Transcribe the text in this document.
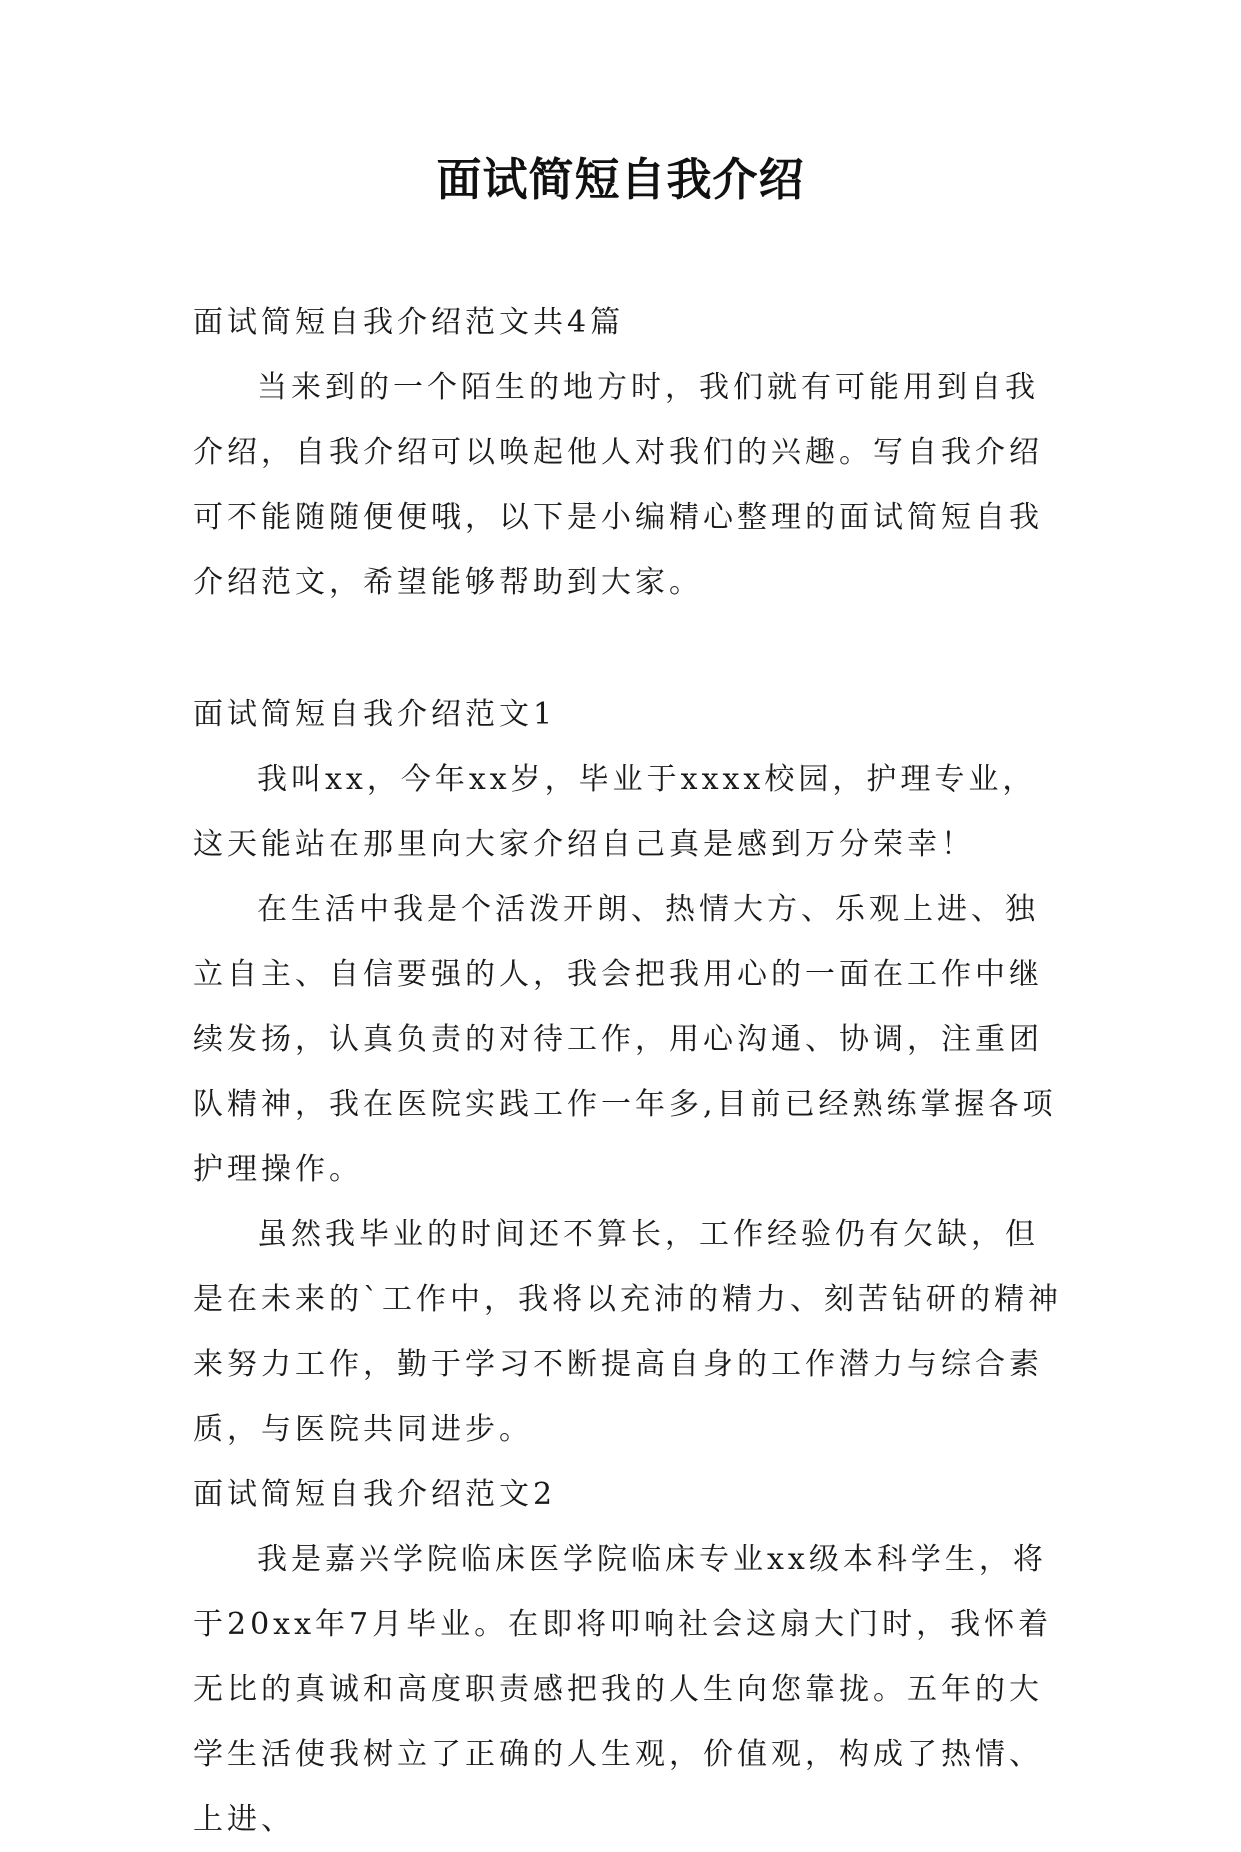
面试简短自我介绍

面试简短自我介绍范文共4篇

当来到的一个陌生的地方时，我们就有可能用到自我介绍，自我介绍可以唤起他人对我们的兴趣。写自我介绍可不能随随便便哦，以下是小编精心整理的面试简短自我介绍范文，希望能够帮助到大家。

面试简短自我介绍范文1

我叫xx，今年xx岁，毕业于xxxx校园，护理专业，这天能站在那里向大家介绍自己真是感到万分荣幸！

在生活中我是个活泼开朗、热情大方、乐观上进、独立自主、自信要强的人，我会把我用心的一面在工作中继续发扬，认真负责的对待工作，用心沟通、协调，注重团队精神，我在医院实践工作一年多,目前已经熟练掌握各项护理操作。

虽然我毕业的时间还不算长，工作经验仍有欠缺，但是在未来的`工作中，我将以充沛的精力、刻苦钻研的精神来努力工作，勤于学习不断提高自身的工作潜力与综合素质，与医院共同进步。

面试简短自我介绍范文2

我是嘉兴学院临床医学院临床专业xx级本科学生，将于20xx年7月毕业。在即将叩响社会这扇大门时，我怀着无比的真诚和高度职责感把我的人生向您靠拢。五年的大学生活使我树立了正确的人生观，价值观，构成了热情、上进、
